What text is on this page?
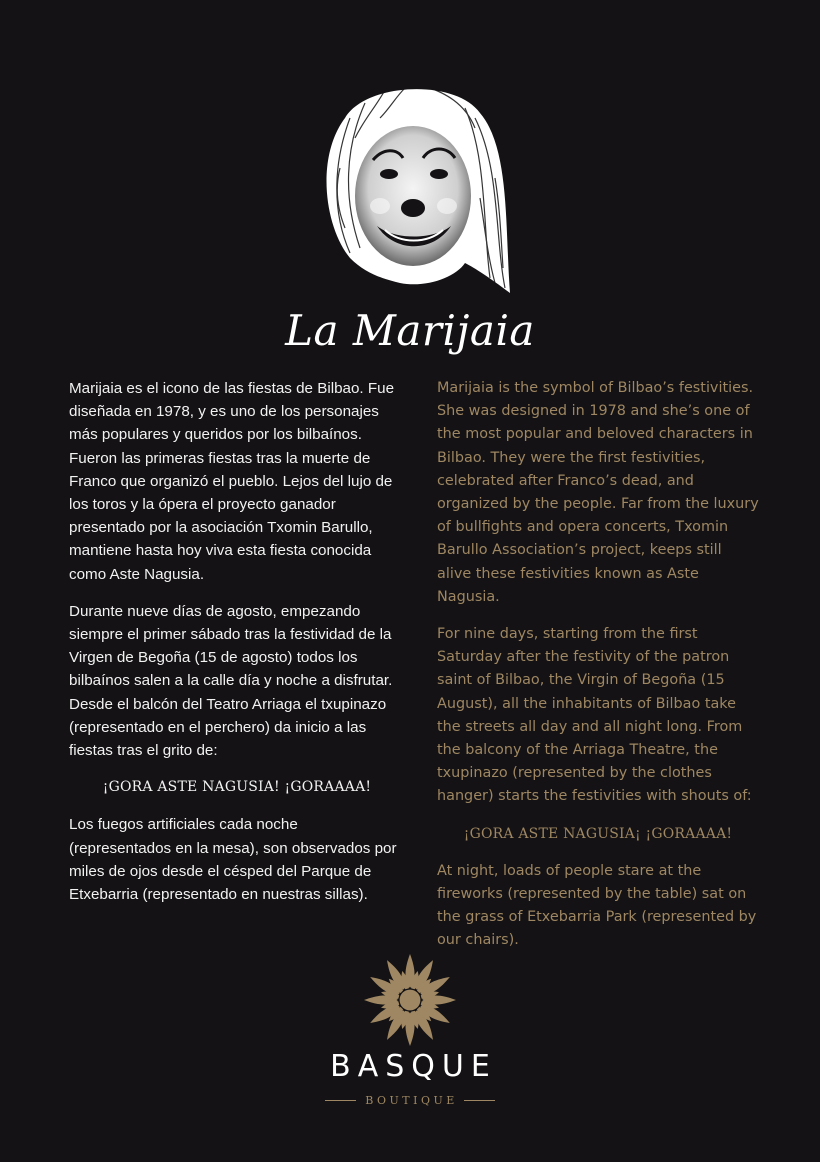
La Marijaia

Marijaia es el icono de las fiestas de Bilbao. Fue diseñada en 1978, y es uno de los personajes más populares y queridos por los bilbaínos. Fueron las primeras fiestas tras la muerte de Franco que organizó el pueblo. Lejos del lujo de los toros y la ópera el proyecto ganador presentado por la asociación Txomin Barullo, mantiene hasta hoy viva esta fiesta conocida como Aste Nagusia.

Durante nueve días de agosto, empezando siempre el primer sábado tras la festividad de la Virgen de Begoña (15 de agosto) todos los bilbaínos salen a la calle día y noche a disfrutar. Desde el balcón del Teatro Arriaga el txupinazo (representado en el perchero) da inicio a las fiestas tras el grito de:

¡GORA ASTE NAGUSIA! ¡GORAAAA!

Los fuegos artificiales cada noche (representados en la mesa), son observados por miles de ojos desde el césped del Parque de Etxebarria (representado en nuestras sillas).

Marijaia is the symbol of Bilbao’s festivities. She was designed in 1978 and she’s one of the most popular and beloved characters in Bilbao. They were the first festivities, celebrated after Franco’s dead, and organized by the people. Far from the luxury of bullfights and opera concerts, Txomin Barullo Association’s project, keeps still alive these festivities known as Aste Nagusia.

For nine days, starting from the first Saturday after the festivity of the patron saint of Bilbao, the Virgin of Begoña (15 August), all the inhabitants of Bilbao take the streets all day and all night long. From the balcony of the Arriaga Theatre, the txupinazo (represented by the clothes hanger) starts the festivities with shouts of:

¡GORA ASTE NAGUSIA¡ ¡GORAAAA!

At night, loads of people stare at the fireworks (represented by the table) sat on the grass of Etxebarria Park (represented by our chairs).

BASQUE
BOUTIQUE
